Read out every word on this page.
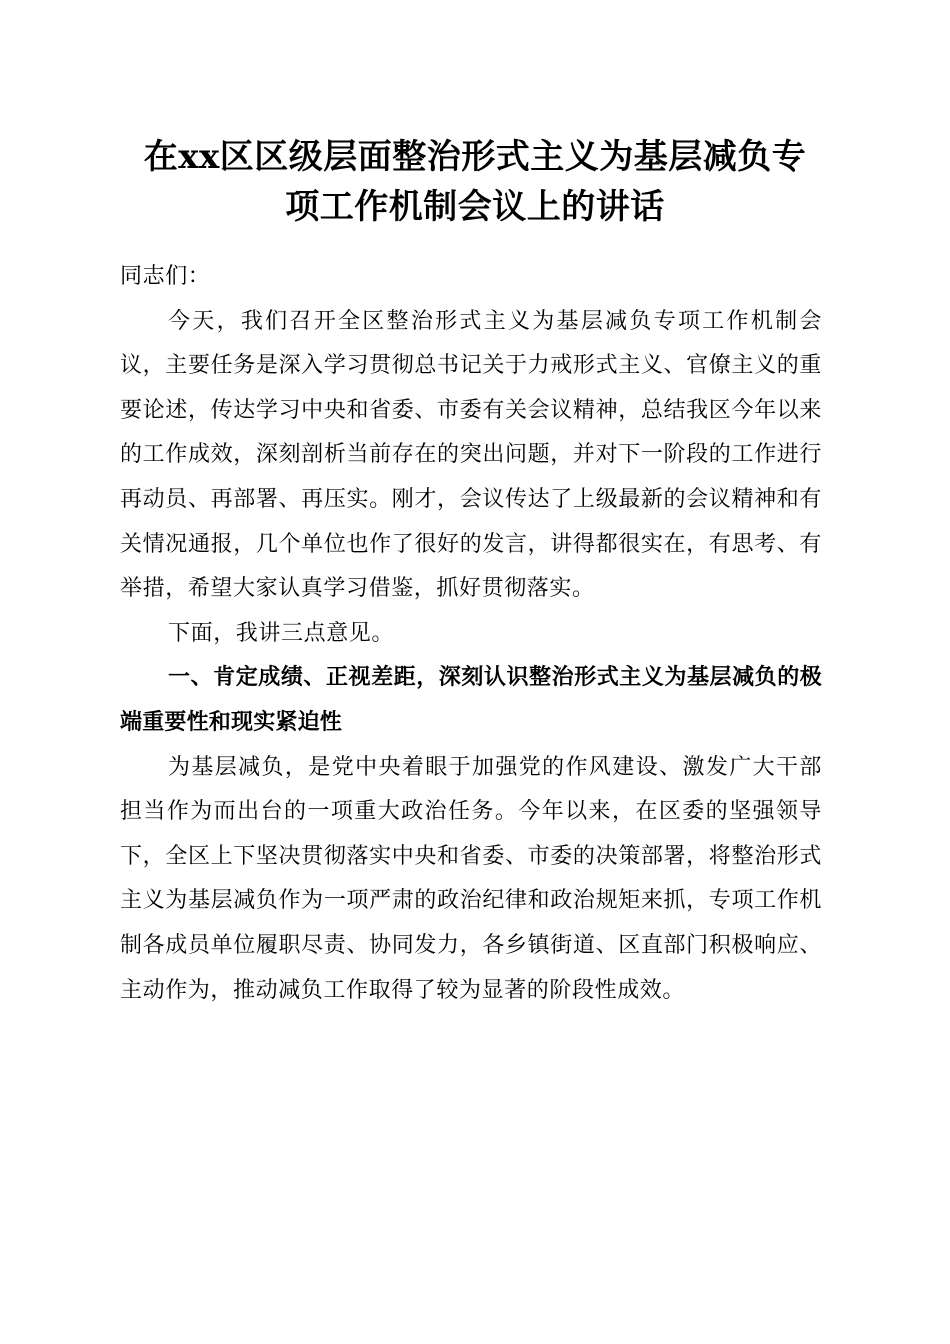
在xx区区级层面整治形式主义为基层减负专
项工作机制会议上的讲话

同志们：

今天，我们召开全区整治形式主义为基层减负专项工作机制会议，主要任务是深入学习贯彻总书记关于力戒形式主义、官僚主义的重要论述，传达学习中央和省委、市委有关会议精神，总结我区今年以来的工作成效，深刻剖析当前存在的突出问题，并对下一阶段的工作进行再动员、再部署、再压实。刚才，会议传达了上级最新的会议精神和有关情况通报，几个单位也作了很好的发言，讲得都很实在，有思考、有举措，希望大家认真学习借鉴，抓好贯彻落实。

下面，我讲三点意见。

一、肯定成绩、正视差距，深刻认识整治形式主义为基层减负的极端重要性和现实紧迫性

为基层减负，是党中央着眼于加强党的作风建设、激发广大干部担当作为而出台的一项重大政治任务。今年以来，在区委的坚强领导下，全区上下坚决贯彻落实中央和省委、市委的决策部署，将整治形式主义为基层减负作为一项严肃的政治纪律和政治规矩来抓，专项工作机制各成员单位履职尽责、协同发力，各乡镇街道、区直部门积极响应、主动作为，推动减负工作取得了较为显著的阶段性成效。
